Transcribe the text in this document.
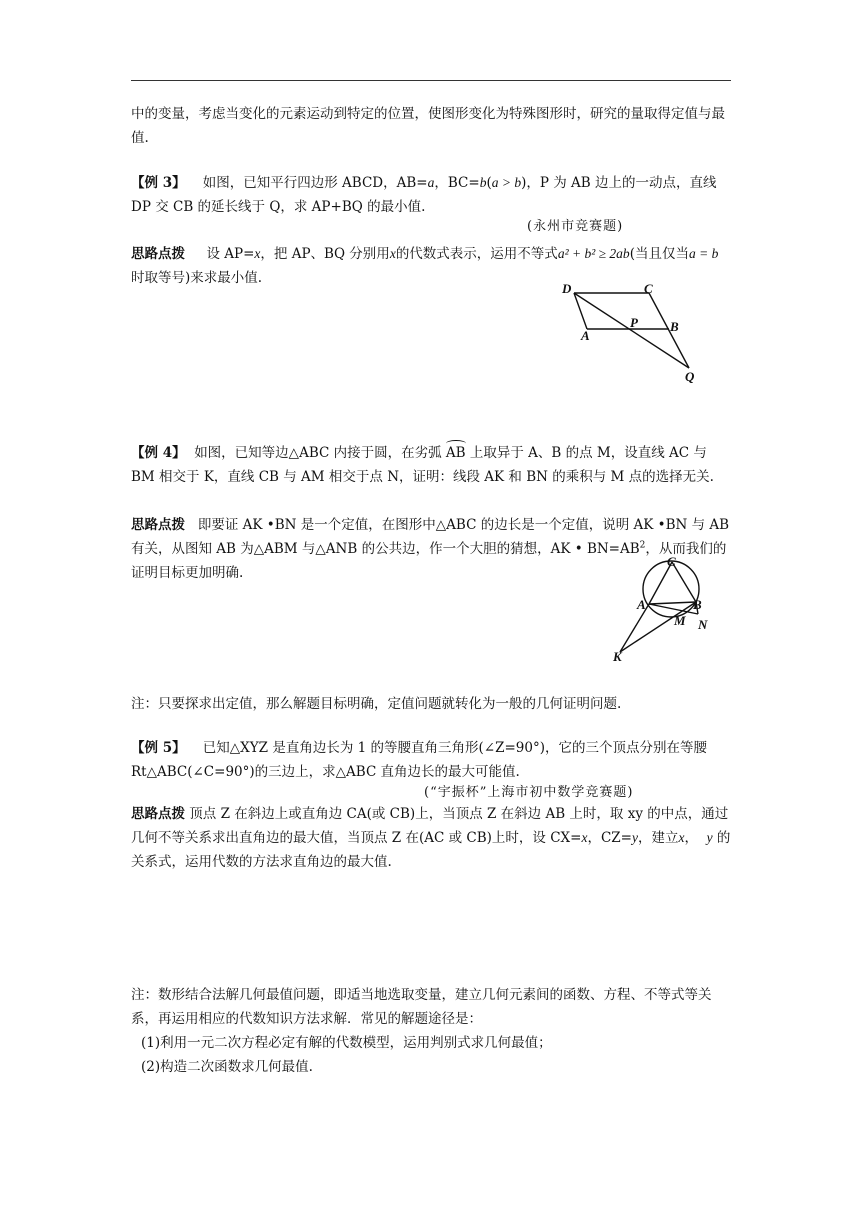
中的变量，考虑当变化的元素运动到特定的位置，使图形变化为特殊图形时，研究的量取得定值与最值.

【例 3】 如图，已知平行四边形 ABCD，AB=a，BC=b(a > b)，P 为 AB 边上的一动点，直线 DP 交 CB 的延长线于 Q，求 AP+BQ 的最小值.

(永州市竞赛题)

思路点拨 设 AP=x，把 AP、BQ 分别用x的代数式表示，运用不等式a² + b² ≥ 2ab(当且仅当a = b时取等号)来求最小值.

D	C
A
P B
Q

【例 4】 如图，已知等边△ABC 内接于圆，在劣弧 AB 上取异于 A、B 的点 M，设直线 AC 与 BM 相交于 K，直线 CB 与 AM 相交于点 N，证明：线段 AK 和 BN 的乘积与 M 点的选择无关.

思路点拨 即要证 AK •BN 是一个定值，在图形中△ABC 的边长是一个定值，说明 AK •BN 与 AB 有关，从图知 AB 为△ABM 与△ANB 的公共边，作一个大胆的猜想，AK • $BN=AB^2$，从而我们的证明目标更加明确.

C
A	B
M N
K

注：只要探求出定值，那么解题目标明确，定值问题就转化为一般的几何证明问题.

【例 5】 已知△XYZ 是直角边长为 1 的等腰直角三角形(∠Z=90°)，它的三个顶点分别在等腰 Rt△ABC(∠C=90°)的三边上，求△ABC 直角边长的最大可能值.

(“宇振杯”上海市初中数学竞赛题)

思路点拨 顶点 Z 在斜边上或直角边 CA(或 CB)上，当顶点 Z 在斜边 AB 上时，取 xy 的中点，通过几何不等关系求出直角边的最大值，当顶点 Z 在(AC 或 CB)上时，设 CX=x，CZ=y，建立x， y 的关系式，运用代数的方法求直角边的最大值.

注：数形结合法解几何最值问题，即适当地选取变量，建立几何元素间的函数、方程、不等式等关系，再运用相应的代数知识方法求解．常见的解题途径是：

(1)利用一元二次方程必定有解的代数模型，运用判别式求几何最值；

(2)构造二次函数求几何最值.
